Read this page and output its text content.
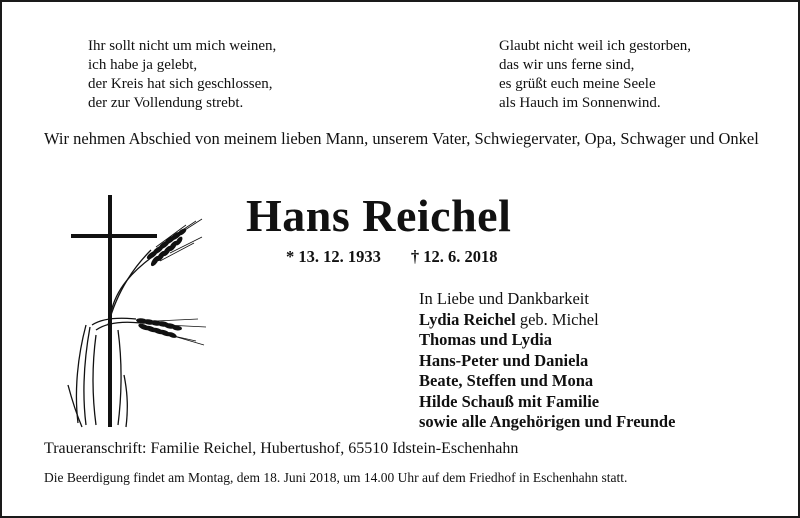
Ihr sollt nicht um mich weinen,
ich habe ja gelebt,
der Kreis hat sich geschlossen,
der zur Vollendung strebt.
Glaubt nicht weil ich gestorben,
das wir uns ferne sind,
es grüßt euch meine Seele
als Hauch im Sonnenwind.
Wir nehmen Abschied von meinem lieben Mann, unserem Vater, Schwiegervater, Opa, Schwager und Onkel
Hans Reichel
* 13. 12. 1933 † 12. 6. 2018
In Liebe und Dankbarkeit
Lydia Reichel geb. Michel
Thomas und Lydia
Hans-Peter und Daniela
Beate, Steffen und Mona
Hilde Schauß mit Familie
sowie alle Angehörigen und Freunde
Traueranschrift: Familie Reichel, Hubertushof, 65510 Idstein-Eschenhahn
Die Beerdigung findet am Montag, dem 18. Juni 2018, um 14.00 Uhr auf dem Friedhof in Eschenhahn statt.
